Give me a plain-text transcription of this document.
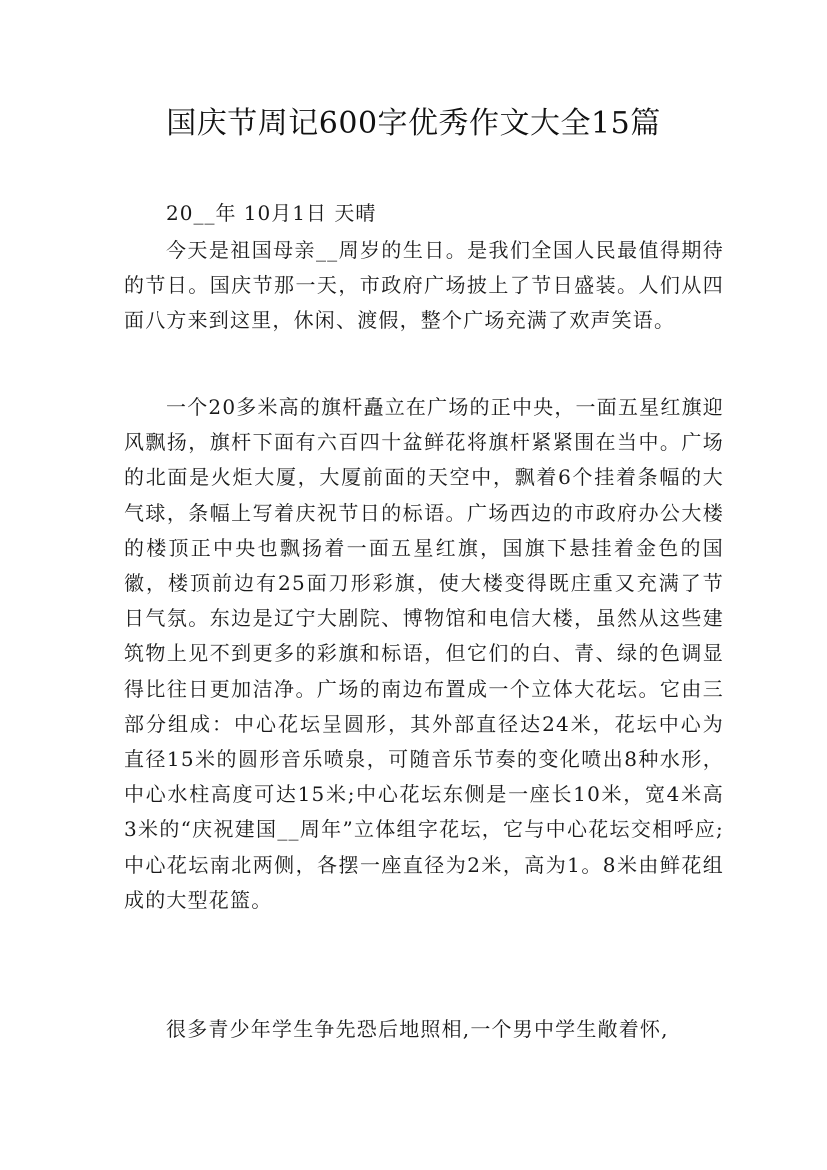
国庆节周记600字优秀作文大全15篇
20__年 10月1日 天晴
今天是祖国母亲__周岁的生日。是我们全国人民最值得期待的节日。国庆节那一天，市政府广场披上了节日盛装。人们从四面八方来到这里，休闲、渡假，整个广场充满了欢声笑语。
一个20多米高的旗杆矗立在广场的正中央，一面五星红旗迎风飘扬，旗杆下面有六百四十盆鲜花将旗杆紧紧围在当中。广场的北面是火炬大厦，大厦前面的天空中，飘着6个挂着条幅的大气球，条幅上写着庆祝节日的标语。广场西边的市政府办公大楼的楼顶正中央也飘扬着一面五星红旗，国旗下悬挂着金色的国徽，楼顶前边有25面刀形彩旗，使大楼变得既庄重又充满了节日气氛。东边是辽宁大剧院、博物馆和电信大楼，虽然从这些建筑物上见不到更多的彩旗和标语，但它们的白、青、绿的色调显得比往日更加洁净。广场的南边布置成一个立体大花坛。它由三部分组成：中心花坛呈圆形，其外部直径达24米，花坛中心为直径15米的圆形音乐喷泉，可随音乐节奏的变化喷出8种水形，中心水柱高度可达15米;中心花坛东侧是一座长10米，宽4米高3米的“庆祝建国__周年”立体组字花坛，它与中心花坛交相呼应;中心花坛南北两侧，各摆一座直径为2米，高为1。8米由鲜花组成的大型花篮。
很多青少年学生争先恐后地照相,一个男中学生敞着怀,
